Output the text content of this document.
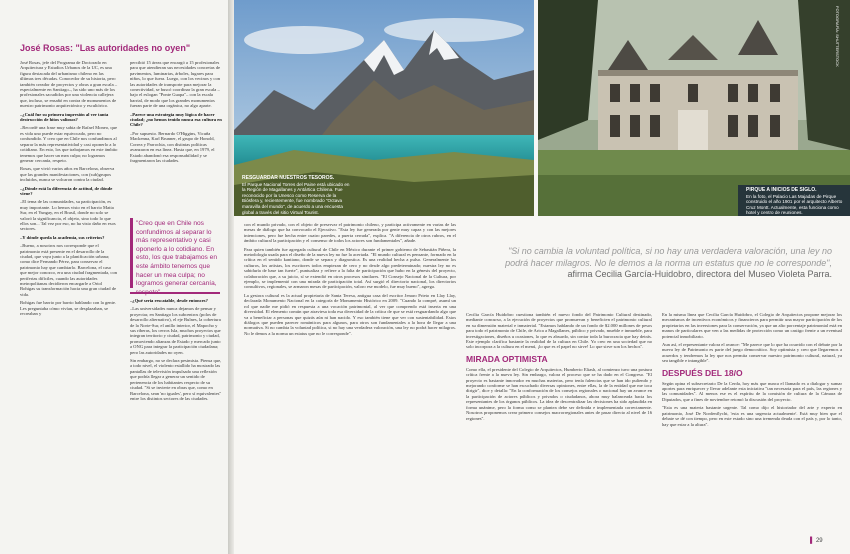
José Rosas: "Las autoridades no oyen"

José Rosas, jefe del Programa de Doctorado en Arquitectura y Estudios Urbanos de la UC, es una figura destacada del urbanismo chileno en las últimas tres décadas. Conocedor de su historia, pero también creador de proyectos y obras a gran escala –especialmente en Santiago–, ha sido uno más de los profesionales sacudidos por una violencia callejera que, incluso, se ensañó en contra de monumentos de nuestro patrimonio arquitectónico y escultórico.

–¿Cuál fue su primera impresión al ver tanta destrucción de hitos valiosos?

–Recordé una frase muy sabia de Rafael Moneo, que es vida uno puede estar equivocado, pero no confundido. Y creo que en Chile nos confundimos al separar la más representatividad y casi oponerlo a lo cotidiano. En esto, los que trabajamos en este ámbito tenemos que hacer un mea culpa; no logramos generar cercanía, respeto.

Rosas, que vivió varios años en Barcelona, observa que las grandes manifestaciones, con (sub)grupos incluidos, nunca se volcaron contra la ciudad.

–¿Dónde está la diferencia de actitud, de dónde viene?

–El tema de las comunidades, su participación, es muy importante. Lo hemos visto en el barrio Matta Sur, en el Yungay, en el Brasil, donde no solo se valoró la significancia, el objeto, sino todo lo que ellos son... Tal vez por eso, no ha visto daño en esos sectores.

–Y dónde queda la academia, sus criterios?

–Bueno, a nosotros nos corresponde que el patrimonio está presente en el desarrollo de la ciudad, que vaya junto a la planificación urbana; como dice Fernando Pérez, para conservar el patrimonio hay que cambiarlo. Barcelona, el caso que mejor conozco, era una ciudad fragmentada, con periferias difíciles, cuando las autoridades metropolitanas decidieron encargarle a Oriol Bohigas su transformación hacia una gran ciudad de vida.

Bohigas fue barrio por barrio hablando con la gente. Les preguntaba cómo vivían, se desplazaban, se recreaban y

percibió 15 áreas que encargó a 15 profesionales para que atendieran sus necesidades concretas de pavimentos, luminarias, árboles, lugares para niños, lo que fuera. Luego, con los vecinos y con las autoridades de transporte para mejorar la conectividad, se buscó coordinar la gran escala –bajo el eslogan "Ponte Guapa"– con la escala barrial, de modo que los grandes monumentos fueran parte de una orgánica, no algo aparte.

–Parece una estrategia muy lógica de hacer ciudad; ¿no hemos tenido nunca esa cultura en Chile?

–Por supuesto. Bernardo O'Higgins, Vicuña Mackenna, Karl Brunner, el grupo de Honold, Correa y Parrochia, con distintas políticas avanzaron en esa línea. Hasta que, en 1979, el Estado abandonó esa responsabilidad y se fragmentaron las ciudades.

"Creo que en Chile nos confundimos al separar lo más representativo y casi oponerlo a lo cotidiano. En esto, los que trabajamos en este ámbito tenemos que hacer un mea culpa; no logramos generar cercanía,

–¿Qué sería rescatable, desde entonces?

–Las universidades nunca dejamos de pensar y proyectar, en Santiago los subcentros (polos de desarrollo alternativo), el eje Bulnes, la cobertura de la Norte-Sur, el anillo interior, el Mapocho y sus riberas, los cerros Isla, muchos proyectos que integran territorio y ciudad, patrimonio y ciudad, promoviendo alianzas de Estado y mercado junto a ONG para integrar la participación ciudadana; pero las autoridades no oyen.

Sin embargo, no se declara pesimista. Piensa que, a todo nivel, el violento estallido ha mostrado las pantallas de televisión impulsado una reflexión que podría llegar a generar un sentido de pertenencia de los habitantes respecto de su ciudad. "Si se invierte en obras que, como en Barcelona, sean 'no iguales', pero sí equivalentes" entre los distintos sectores de las ciudades.

RESGUARDAR NUESTROS TESOROS.
El Parque Nacional Torres del Paine está ubicado en la Región de Magallanes y Antártica Chilena. Fue reconocido por la Unesco como Reserva de la Biósfera y, recientemente, fue nombrado "Octava maravilla del mundo", de acuerdo a una encuesta global a través del sitio Virtual Tourist.
PIRQUE A INICIOS DE SIGLO.
En la foto, el Palacio Las Majadas de Pirque construido el año 1901 por el arquitecto Alberto Cruz Montt. Actualmente, esta funciona como hotel y centro de reuniones.
FOTOGRAFÍA: SHUTTERSTOCK

con el mundo privado, con el objeto de preservar el patrimonio chileno, y participa activamente en varias de las mesas de diálogo que ha convocado el Ejecutivo. "Esta ley fue generada por gente muy capaz y con las mejores intenciones, pero fue hecha entre cuatro paredes, a puerta cerrada", explica. "A diferencia de otros rubros, en el ámbito cultural la participación y el consenso de todos los actores son fundamentales", añade.

Para quien también fue agregada cultural de Chile en México durante el primer gobierno de Sebastián Piñera, la metodología usada para el diseño de la nueva ley no fue la acertada. "El mundo cultural es pensante, formado en la crítica en el sentido kantiano, donde se separa y diagnostica. Es una realidad hecha a pulso. Generalmente los culturos, los artistas, los escritores todos empiezan de cero y no desde algo predeterminado; nuestra ley no es sabiduría de base tan fuerte", puntualiza y refiere a la falta de participación que hubo en la génesis del proyecto, colaboración que, a su juicio, sí se extendió en otros procesos similares. "El Consejo Nacional de la Cultura, por ejemplo, se implementó con una mirada de participación total. Así surgió el directorio nacional, los directorios consultivos, regionales, se armaron mesas de participación, valoro ese modelo, fue muy bueno", agrega.

La gestora cultural es la actual propietaria de Santa Teresa, antigua casa del escritor Jenaro Prieto en Llay Llay, declarada Monumento Nacional en la categoría de Monumento Histórico en 2009. "Cuando la compré, asumí un rol que nadie me pidió en respuesta a una vocación patrimonial, al ver que comprendo está inserta en una diversidad. El elemento común que atraviesa toda esa diversidad de la crítica de que se está resguardando algo que va a beneficiar a personas que quizás aún ni han nacido. Y eso también tiene que ver con sustentabilidad. Estos diálogos que pueden parecer románticos para algunos, para otros son fundamentales a la hora de llegar a una normativa. Si no cambia la voluntad política, si no hay una verdadera valoración, una ley no podrá hacer milagros. No le demos a la norma un estatus que no le corresponde".

"Si no cambia la voluntad política, si no hay una verdadera valoración, una ley no podrá hacer milagros. No le demos a la norma un estatus que no le corresponde", afirma Cecilia García-Huidobro, directora del Museo Violeta Parra.

Cecilia García Huidobro cuestiona también el nuevo fondo del Patrimonio Cultural destinado, mediante concurso, a la ejecución de proyectos que promuevan y beneficien el patrimonio cultural en su dimensión material e inmaterial. "Estamos hablando de un fondo de $2.000 millones de pesos para todo el patrimonio de Chile, de Arica a Magallanes, público y privado, mueble e inmueble, para investigaciones, diseños u ocasiones, lo que es absurdo, sin contar toda la burocracia que hay detrás. Este ejemplo clarifica bastante la realidad de la cultura en Chile. Yo creo en una sociedad que no solo incorpora a la cultura en el menú, ¡lo que es el papel no sirve! Lo que sirve son los hechos".

MIRADA OPTIMISTA

Como ella, el presidente del Colegio de Arquitectos, Humberto Eliash, al comienzo tuvo una postura crítica frente a la nueva ley. Sin embargo, valora el proceso que se ha dado en el Congreso. "El proyecto es bastante innovador en muchas materias, pero tenía falencias que se han ido puliendo y mejorando conforme se han escuchado diversas opiniones, entre ellas, la de la entidad que me toca dirigir", dice y detalla: "En la conformación de los consejos regionales o nacional hay un avance en la participación de actores públicos y privados o ciudadanos, ahora muy balanceada hacia los representantes de los órganos públicos. La idea de descentralizar las decisiones ha sido aplaudida en forma unánime, pero la forma como se plantea debe ser definida e implementada correctamente. Nosotros proponemos crear primero consejos macrorregionales antes de pasar directo al nivel de 16 regiones".

En la misma línea que Cecilia García Huidobro, el Colegio de Arquitectos propone mejorar los mecanismos de incentivos económicos y financieros para permitir una mayor participación de los propietarios en las inversiones para la conservación, ya que un alto porcentaje patrimonial está en manos de particulares que ven a las medidas de protección como un castigo frente a un eventual potencial inmobiliario.

Aun así, el representante valora el avance: "Me parece que lo que ha ocurrido con el debate por la nueva ley de Patrimonio es parte del juego democrático. Soy optimista y creo que llegaremos a acuerdos y tendremos la ley que nos permita conservar nuestro patrimonio cultural, natural, ya sea tangible e intangible".

DESPUÉS DEL 18/O

Según opina el subsecretario De la Cerda, hoy más que nunca el llamado es a dialogar y sumar aportes para enriquecer y llevar adelante esta iniciativa "tan necesaria para el país, las regiones y las comunidades". Al menos ese es el espíritu de la comisión de cultura de la Cámara de Diputados, que a fines de noviembre retomó la discusión del proyecto.

"Esta es una materia bastante urgente. Tal como dijo el historiador del arte y experto en patrimonio, José De Nordenflycht, 'esta es una urgencia actualmente'. Está muy bien que el debate se dé con tiempo, pero en este estado sino una tremenda deuda con el país y, por lo tanto, hay que estar a la altura".

▌ 29
